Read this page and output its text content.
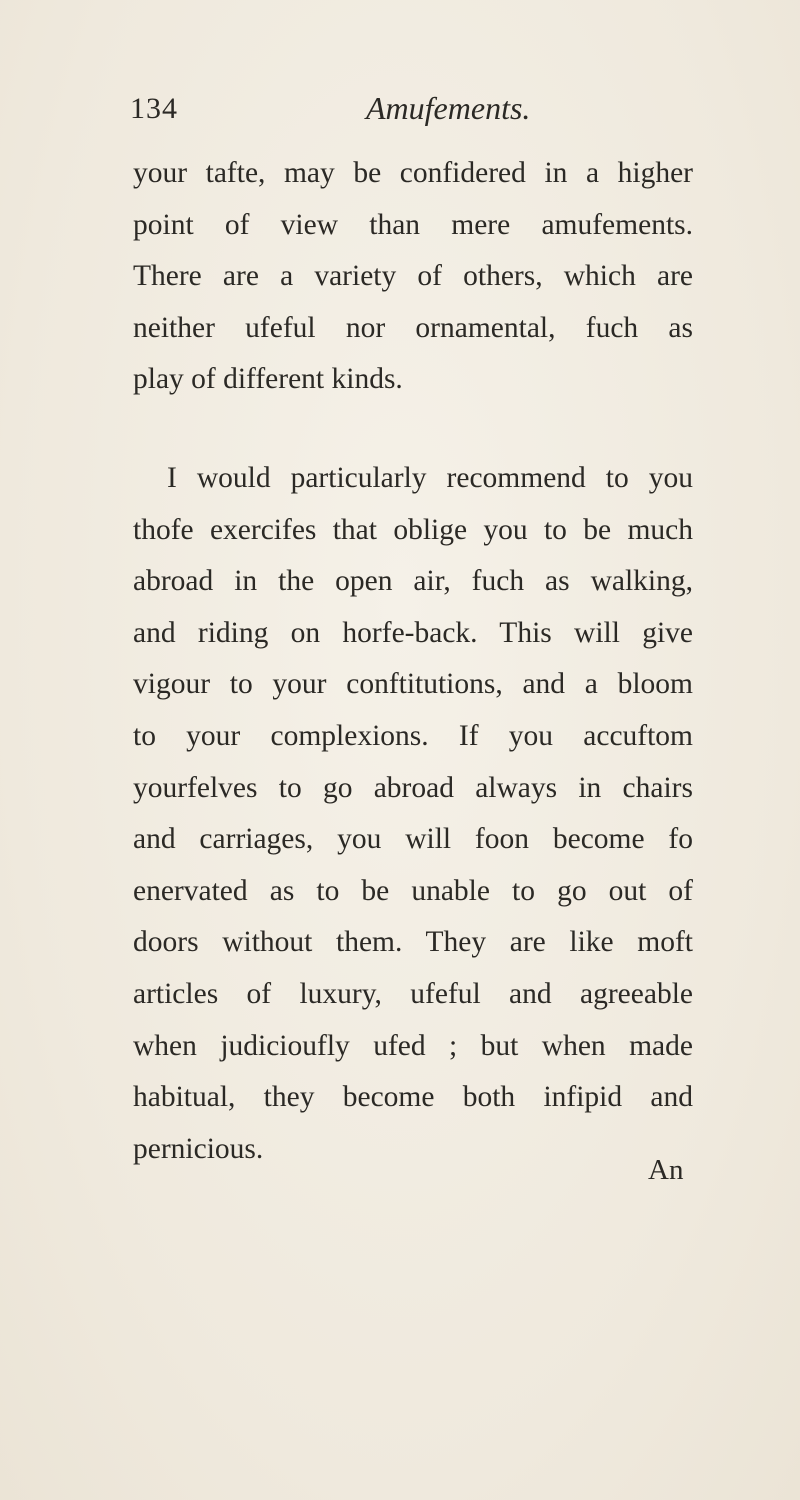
134	Amufements.
your tafte, may be confidered in a higher
point of view than mere amufements.
There are a variety of others, which are
neither ufeful nor ornamental, fuch as
play of different kinds.
I would particularly recommend to you
thofe exercifes that oblige you to be much
abroad in the open air, fuch as walking,
and riding on horfe-back. This will give
vigour to your conftitutions, and a bloom
to your complexions. If you accuftom
yourfelves to go abroad always in chairs
and carriages, you will foon become fo
enervated as to be unable to go out of
doors without them. They are like moft
articles of luxury, ufeful and agreeable
when judicioufly ufed ; but when made
habitual, they become both infipid and
pernicious.
An
